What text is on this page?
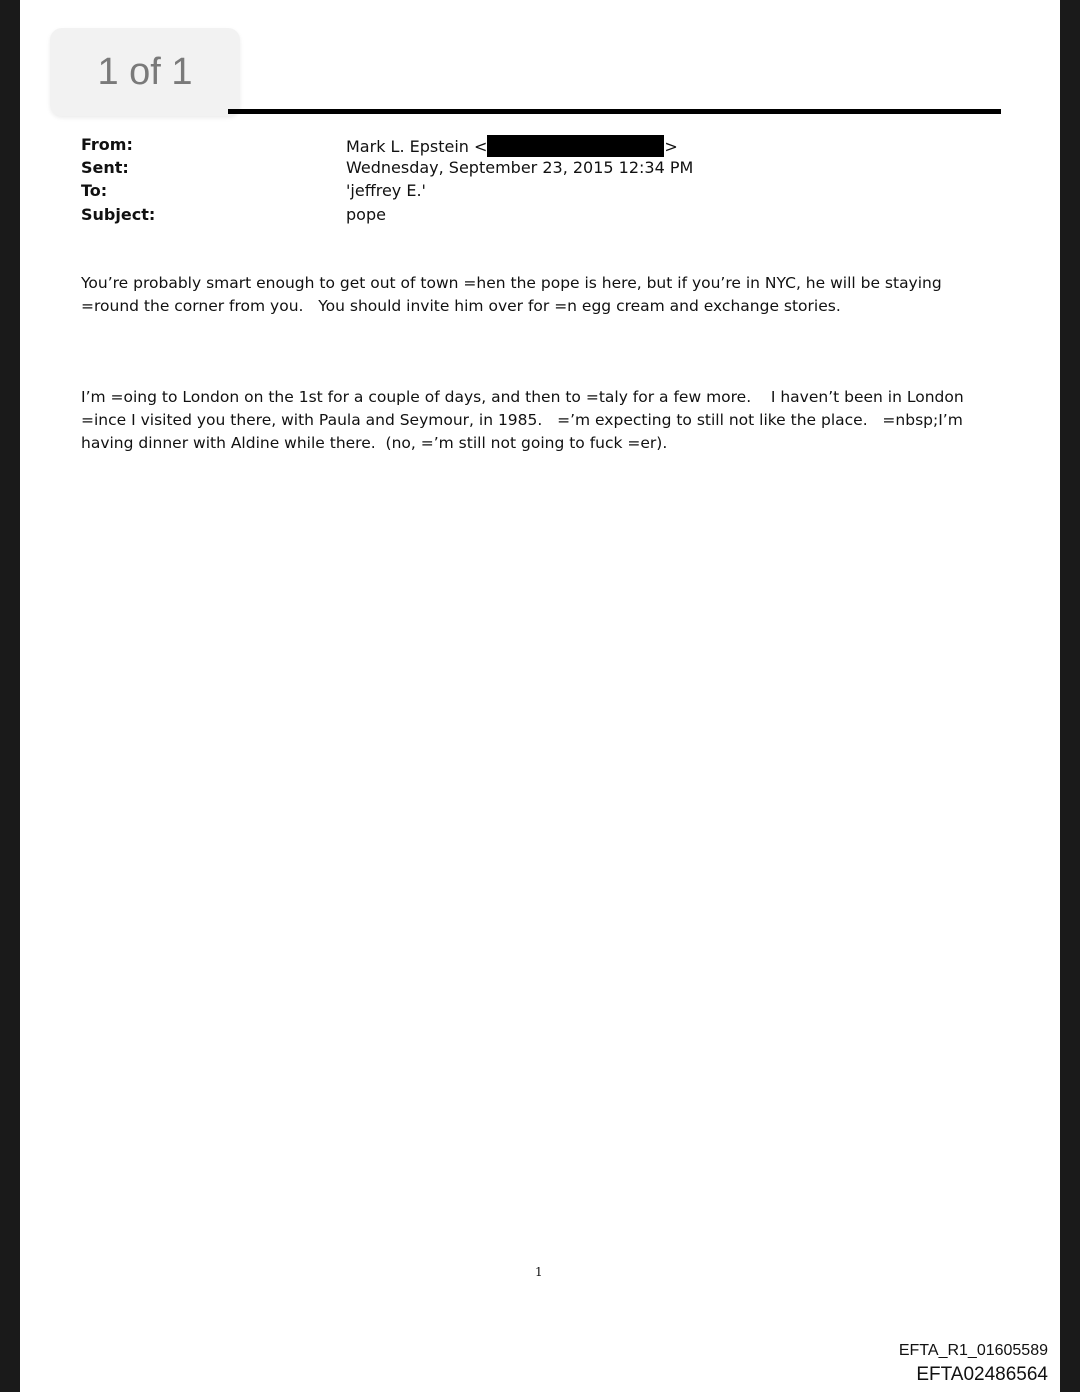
1 of 1
From:	Mark L. Epstein <	>
Sent:	Wednesday, September 23, 2015 12:34 PM
To:	'jeffrey E.'
Subject:	pope
You’re probably smart enough to get out of town =hen the pope is here, but if you’re in NYC, he will be staying =round the corner from you.   You should invite him over for =n egg cream and exchange stories.
I’m =oing to London on the 1st for a couple of days, and then to =taly for a few more.    I haven’t been in London =ince I visited you there, with Paula and Seymour, in 1985.   =’m expecting to still not like the place.   =nbsp;I’m having dinner with Aldine while there.  (no, =’m still not going to fuck =er).
1
EFTA_R1_01605589
EFTA02486564
